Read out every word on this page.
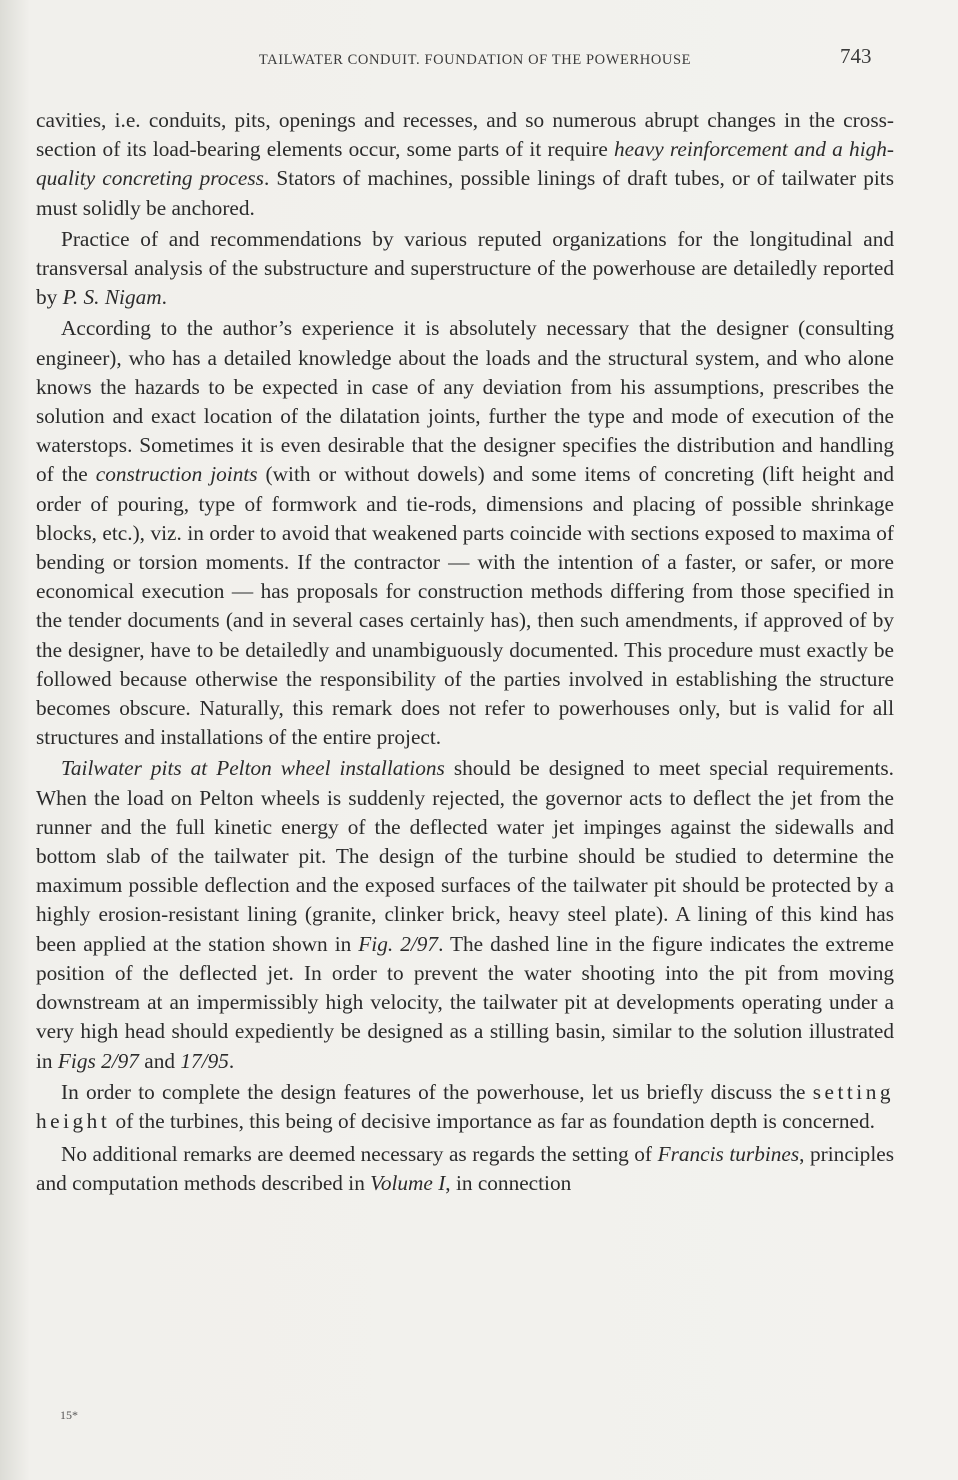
TAILWATER CONDUIT. FOUNDATION OF THE POWERHOUSE	743

cavities, i.e. conduits, pits, openings and recesses, and so numerous abrupt changes in the cross-section of its load-bearing elements occur, some parts of it require heavy reinforcement and a high-quality concreting process. Stators of machines, possible linings of draft tubes, or of tailwater pits must solidly be anchored.

Practice of and recommendations by various reputed organizations for the longitudinal and transversal analysis of the substructure and superstructure of the powerhouse are detailedly reported by P. S. Nigam.

According to the author’s experience it is absolutely necessary that the designer (consulting engineer), who has a detailed knowledge about the loads and the structural system, and who alone knows the hazards to be expected in case of any deviation from his assumptions, prescribes the solution and exact location of the dilatation joints, further the type and mode of execution of the waterstops. Sometimes it is even desirable that the designer specifies the distribution and handling of the construction joints (with or without dowels) and some items of concreting (lift height and order of pouring, type of formwork and tie-rods, dimensions and placing of possible shrinkage blocks, etc.), viz. in order to avoid that weakened parts coincide with sections exposed to maxima of bending or torsion moments. If the contractor — with the intention of a faster, or safer, or more economical execution — has proposals for construction methods differing from those specified in the tender documents (and in several cases certainly has), then such amendments, if approved of by the designer, have to be detailedly and unambiguously documented. This procedure must exactly be followed because otherwise the responsibility of the parties involved in establishing the structure becomes obscure. Naturally, this remark does not refer to powerhouses only, but is valid for all structures and installations of the entire project.

Tailwater pits at Pelton wheel installations should be designed to meet special requirements. When the load on Pelton wheels is suddenly rejected, the governor acts to deflect the jet from the runner and the full kinetic energy of the deflected water jet impinges against the sidewalls and bottom slab of the tailwater pit. The design of the turbine should be studied to determine the maximum possible deflection and the exposed surfaces of the tailwater pit should be protected by a highly erosion-resistant lining (granite, clinker brick, heavy steel plate). A lining of this kind has been applied at the station shown in Fig. 2/97. The dashed line in the figure indicates the extreme position of the deflected jet. In order to prevent the water shooting into the pit from moving downstream at an impermissibly high velocity, the tailwater pit at developments operating under a very high head should expediently be designed as a stilling basin, similar to the solution illustrated in Figs 2/97 and 17/95.

In order to complete the design features of the powerhouse, let us briefly discuss the setting height of the turbines, this being of decisive importance as far as foundation depth is concerned.

No additional remarks are deemed necessary as regards the setting of Francis turbines, principles and computation methods described in Volume I, in connection

15*
